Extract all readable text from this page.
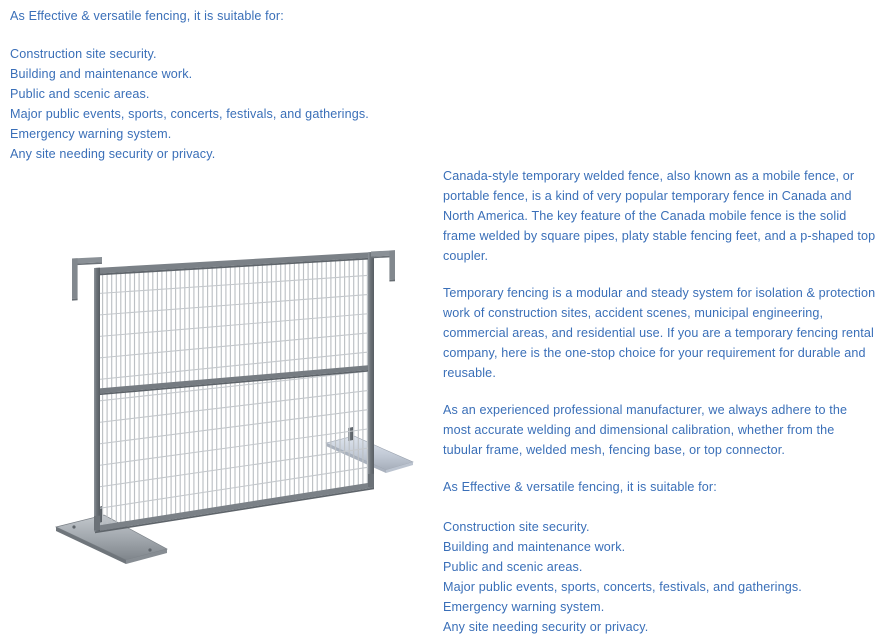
As Effective & versatile fencing, it is suitable for:
Construction site security.
Building and maintenance work.
Public and scenic areas.
Major public events, sports, concerts, festivals, and gatherings.
Emergency warning system.
Any site needing security or privacy.

Canada-style temporary welded fence, also known as a mobile fence, or portable fence, is a kind of very popular temporary fence in Canada and North America. The key feature of the Canada mobile fence is the solid frame welded by square pipes, platy stable fencing feet, and a p-shaped top coupler.

Temporary fencing is a modular and steady system for isolation & protection work of construction sites, accident scenes, municipal engineering, commercial areas, and residential use. If you are a temporary fencing rental company, here is the one-stop choice for your requirement for durable and reusable.

As an experienced professional manufacturer, we always adhere to the most accurate welding and dimensional calibration, whether from the tubular frame, welded mesh, fencing base, or top connector.

As Effective & versatile fencing, it is suitable for:
Construction site security.
Building and maintenance work.
Public and scenic areas.
Major public events, sports, concerts, festivals, and gatherings.
Emergency warning system.
Any site needing security or privacy.
